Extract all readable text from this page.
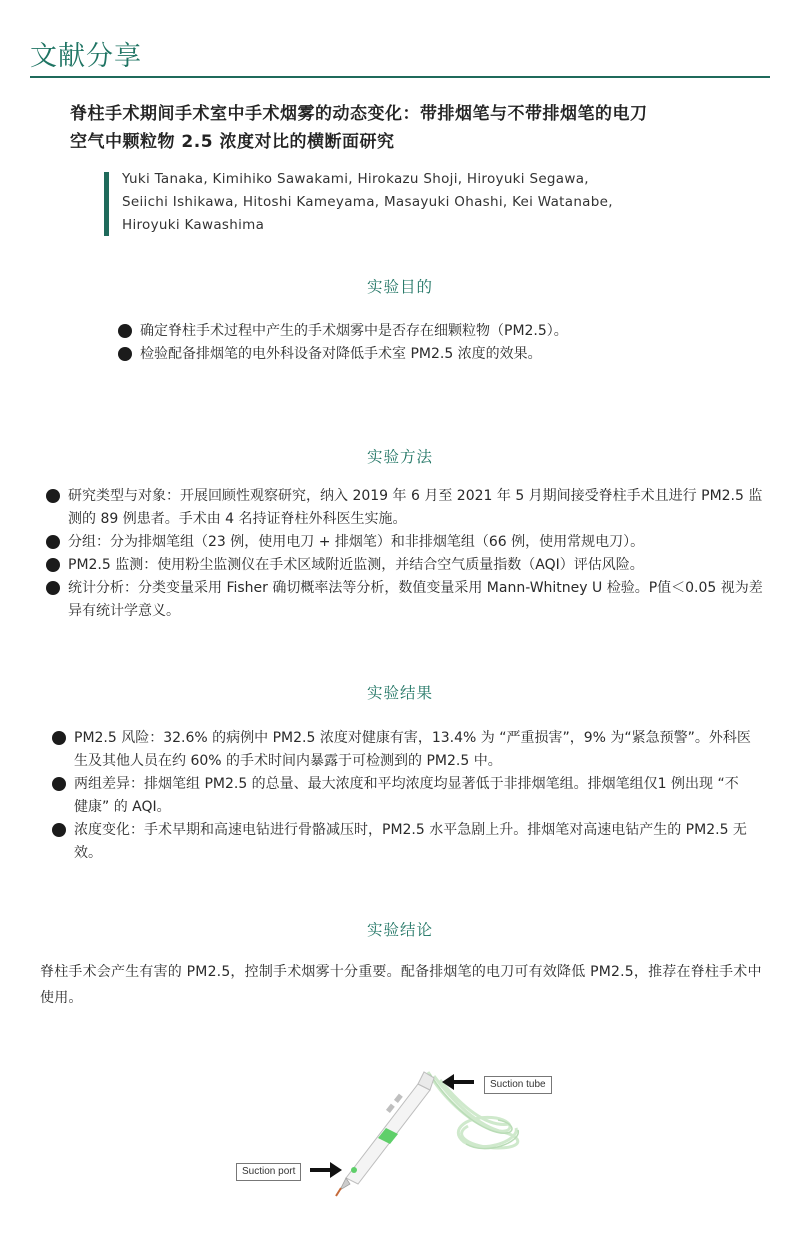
文献分享
脊柱手术期间手术室中手术烟雾的动态变化：带排烟笔与不带排烟笔的电刀
空气中颗粒物 2.5 浓度对比的横断面研究
Yuki Tanaka, Kimihiko Sawakami, Hirokazu Shoji, Hiroyuki Segawa,
Seiichi Ishikawa, Hitoshi Kameyama, Masayuki Ohashi, Kei Watanabe,
Hiroyuki Kawashima
实验目的
确定脊柱手术过程中产生的手术烟雾中是否存在细颗粒物（PM2.5）。
检验配备排烟笔的电外科设备对降低手术室 PM2.5 浓度的效果。
实验方法
研究类型与对象：开展回顾性观察研究，纳入 2019 年 6 月至 2021 年 5 月期间接受脊柱手术且进行 PM2.5 监测的 89 例患者。手术由 4 名持证脊柱外科医生实施。
分组：分为排烟笔组（23 例，使用电刀 + 排烟笔）和非排烟笔组（66 例，使用常规电刀）。
PM2.5 监测：使用粉尘监测仪在手术区域附近监测，并结合空气质量指数（AQI）评估风险。
统计分析：分类变量采用 Fisher 确切概率法等分析，数值变量采用 Mann-Whitney U 检验。P值＜0.05 视为差异有统计学意义。
实验结果
PM2.5 风险：32.6% 的病例中 PM2.5 浓度对健康有害，13.4% 为 “严重损害”，9% 为“紧急预警”。外科医生及其他人员在约 60% 的手术时间内暴露于可检测到的 PM2.5 中。
两组差异：排烟笔组 PM2.5 的总量、最大浓度和平均浓度均显著低于非排烟笔组。排烟笔组仅1 例出现 “不健康” 的 AQI。
浓度变化：手术早期和高速电钻进行骨骼减压时，PM2.5 水平急剧上升。排烟笔对高速电钻产生的 PM2.5 无效。
实验结论
脊柱手术会产生有害的 PM2.5，控制手术烟雾十分重要。配备排烟笔的电刀可有效降低 PM2.5，推荐在脊柱手术中使用。
Suction tube
Suction port
